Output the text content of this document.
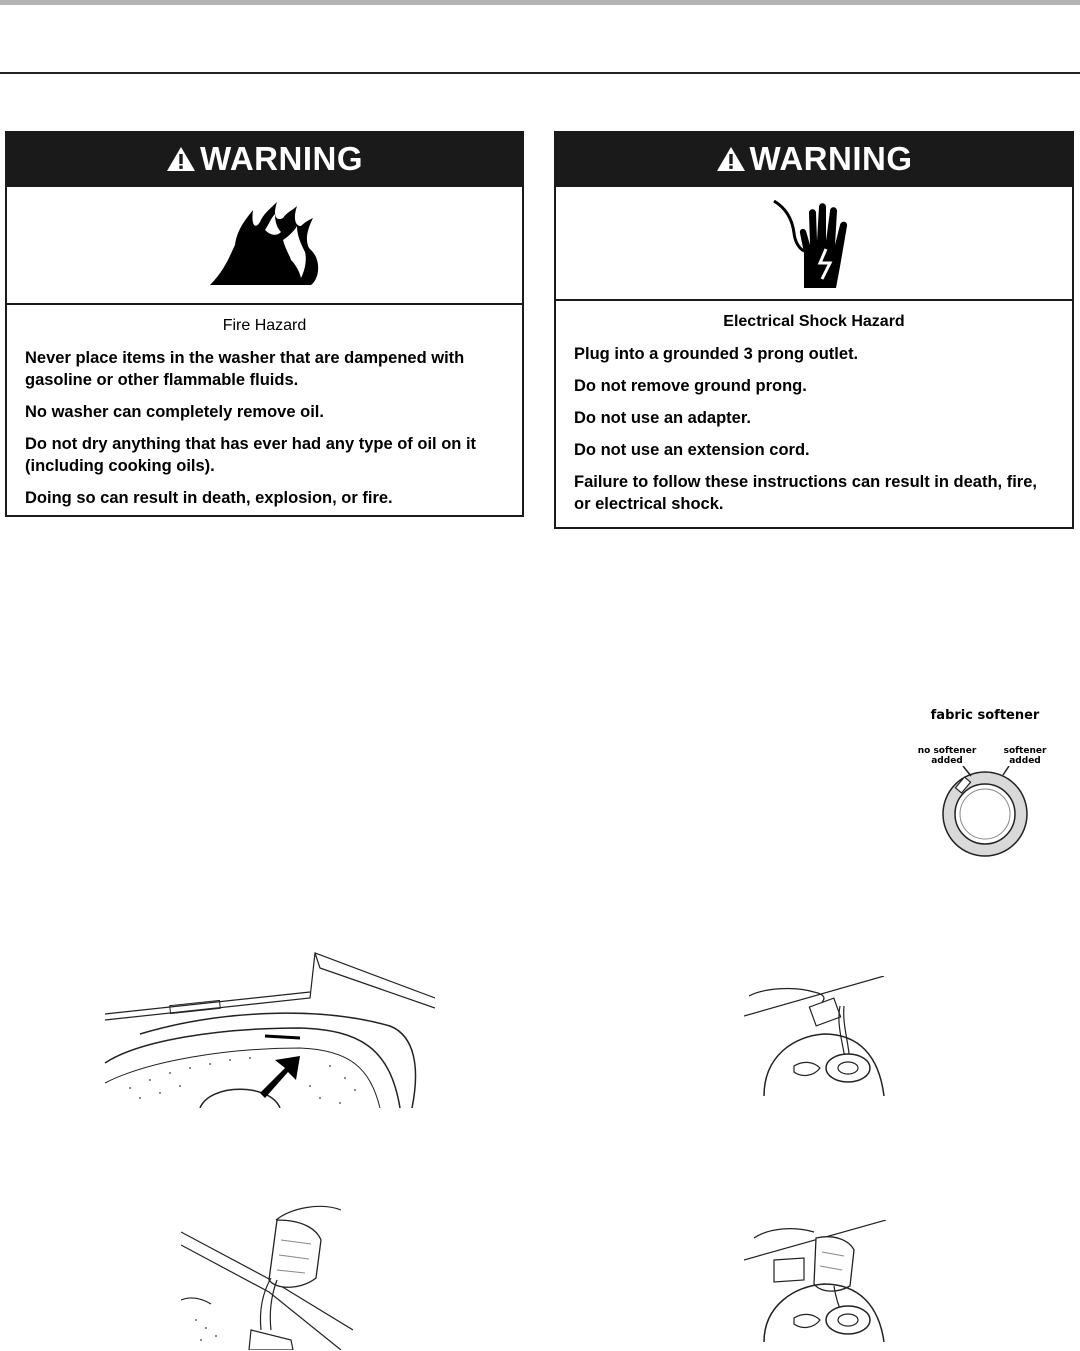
WARNING

Fire Hazard

Never place items in the washer that are dampened with gasoline or other flammable fluids.

No washer can completely remove oil.

Do not dry anything that has ever had any type of oil on it (including cooking oils).

Doing so can result in death, explosion, or fire.

WARNING

Electrical Shock Hazard

Plug into a grounded 3 prong outlet.

Do not remove ground prong.

Do not use an adapter.

Do not use an extension cord.

Failure to follow these instructions can result in death, fire, or electrical shock.

fabric softener
no softener
added
softener
added
